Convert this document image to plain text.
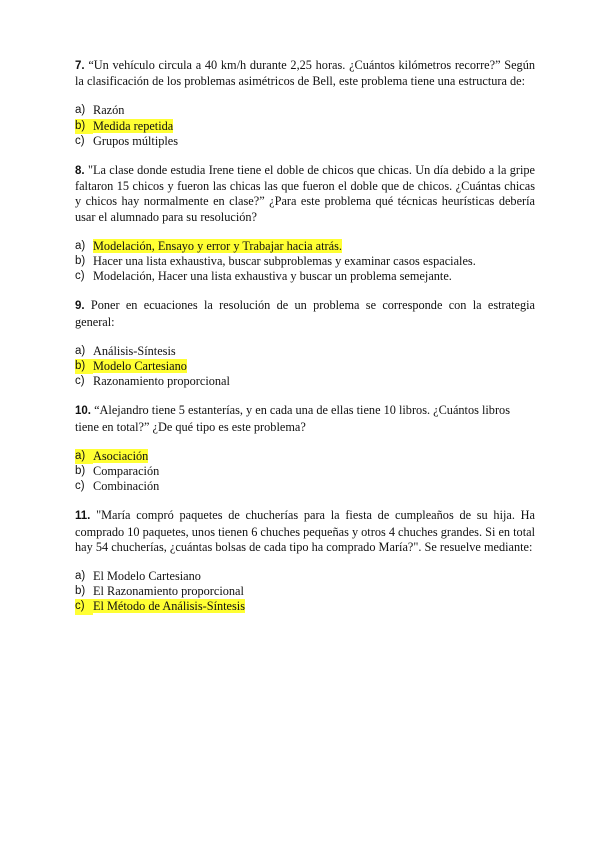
7. “Un vehículo circula a 40 km/h durante 2,25 horas. ¿Cuántos kilómetros recorre?” Según la clasificación de los problemas asimétricos de Bell, este problema tiene una estructura de:

a) Razón
b) Medida repetida
c) Grupos múltiples

8. "La clase donde estudia Irene tiene el doble de chicos que chicas. Un día debido a la gripe faltaron 15 chicos y fueron las chicas las que fueron el doble que de chicos. ¿Cuántas chicas y chicos hay normalmente en clase?” ¿Para este problema qué técnicas heurísticas debería usar el alumnado para su resolución?

a) Modelación, Ensayo y error y Trabajar hacia atrás.
b) Hacer una lista exhaustiva, buscar subproblemas y examinar casos espaciales.
c) Modelación, Hacer una lista exhaustiva y buscar un problema semejante.

9. Poner en ecuaciones la resolución de un problema se corresponde con la estrategia general:

a) Análisis-Síntesis
b) Modelo Cartesiano
c) Razonamiento proporcional

10. “Alejandro tiene 5 estanterías, y en cada una de ellas tiene 10 libros. ¿Cuántos libros tiene en total?” ¿De qué tipo es este problema?

a) Asociación
b) Comparación
c) Combinación

11. "María compró paquetes de chucherías para la fiesta de cumpleaños de su hija. Ha comprado 10 paquetes, unos tienen 6 chuches pequeñas y otros 4 chuches grandes. Si en total hay 54 chucherías, ¿cuántas bolsas de cada tipo ha comprado María?". Se resuelve mediante:

a) El Modelo Cartesiano
b) El Razonamiento proporcional
c) El Método de Análisis-Síntesis
